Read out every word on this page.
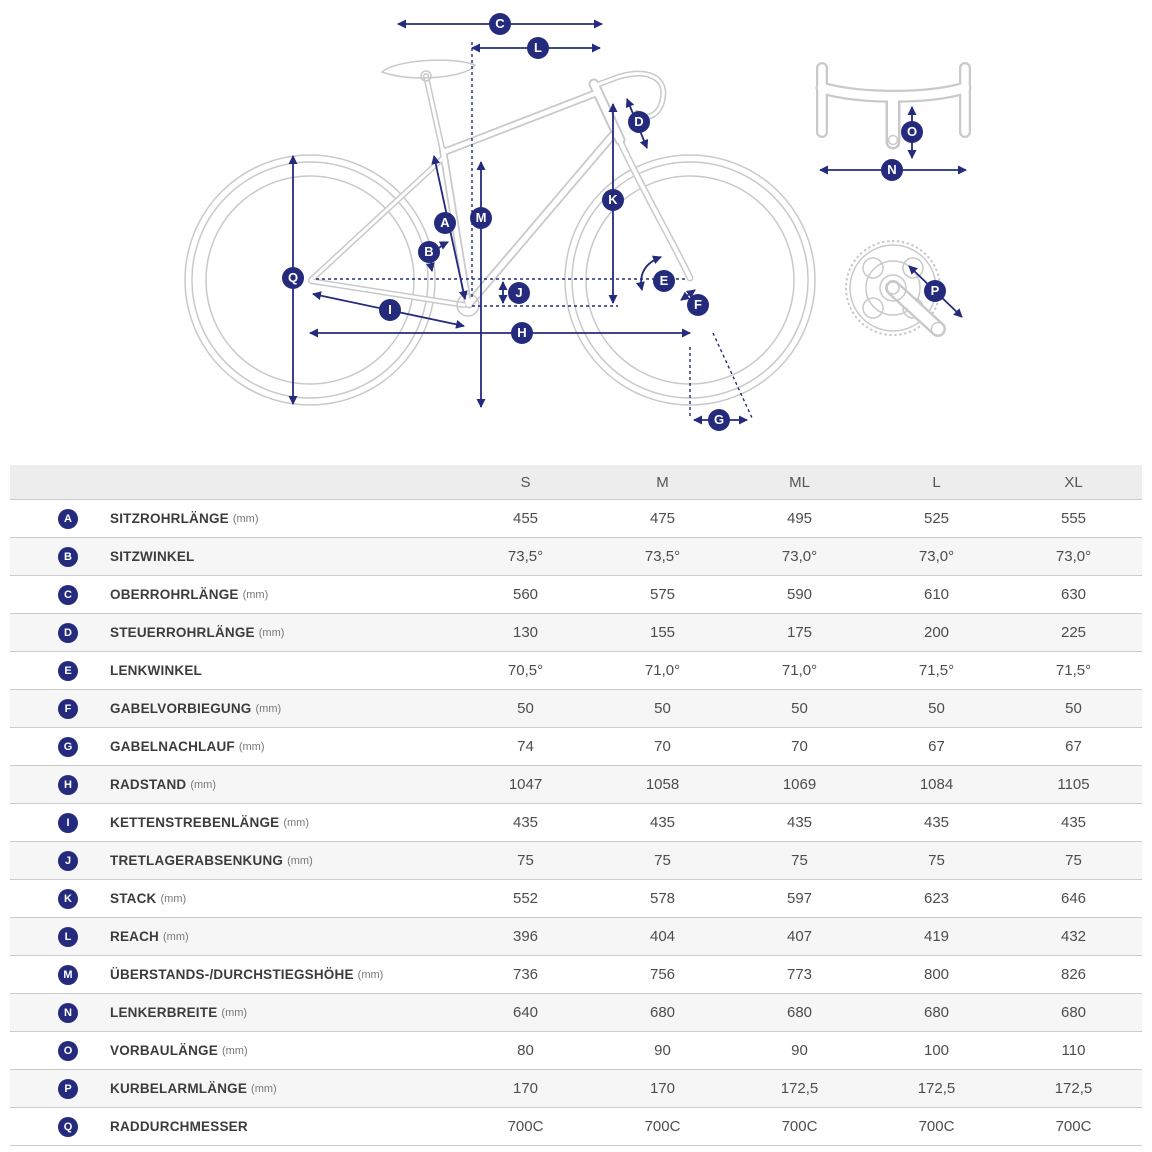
A
B
C
D
E
F
G
H
I
J
K
L
M
N
O
P
Q
	S	M	ML	L	XL
A SITZROHRLÄNGE (mm)	455	475	495	525	555
B SITZWINKEL	73,5°	73,5°	73,0°	73,0°	73,0°
C OBERROHRLÄNGE (mm)	560	575	590	610	630
D STEUERROHRLÄNGE (mm)	130	155	175	200	225
E LENKWINKEL	70,5°	71,0°	71,0°	71,5°	71,5°
F GABELVORBIEGUNG (mm)	50	50	50	50	50
G GABELNACHLAUF (mm)	74	70	70	67	67
H RADSTAND (mm)	1047	1058	1069	1084	1105
I KETTENSTREBENLÄNGE (mm)	435	435	435	435	435
J TRETLAGERABSENKUNG (mm)	75	75	75	75	75
K STACK (mm)	552	578	597	623	646
L REACH (mm)	396	404	407	419	432
M ÜBERSTANDS-/DURCHSTIEGSHÖHE (mm)	736	756	773	800	826
N LENKERBREITE (mm)	640	680	680	680	680
O VORBAULÄNGE (mm)	80	90	90	100	110
P KURBELARMLÄNGE (mm)	170	170	172,5	172,5	172,5
Q RADDURCHMESSER	700C	700C	700C	700C	700C
